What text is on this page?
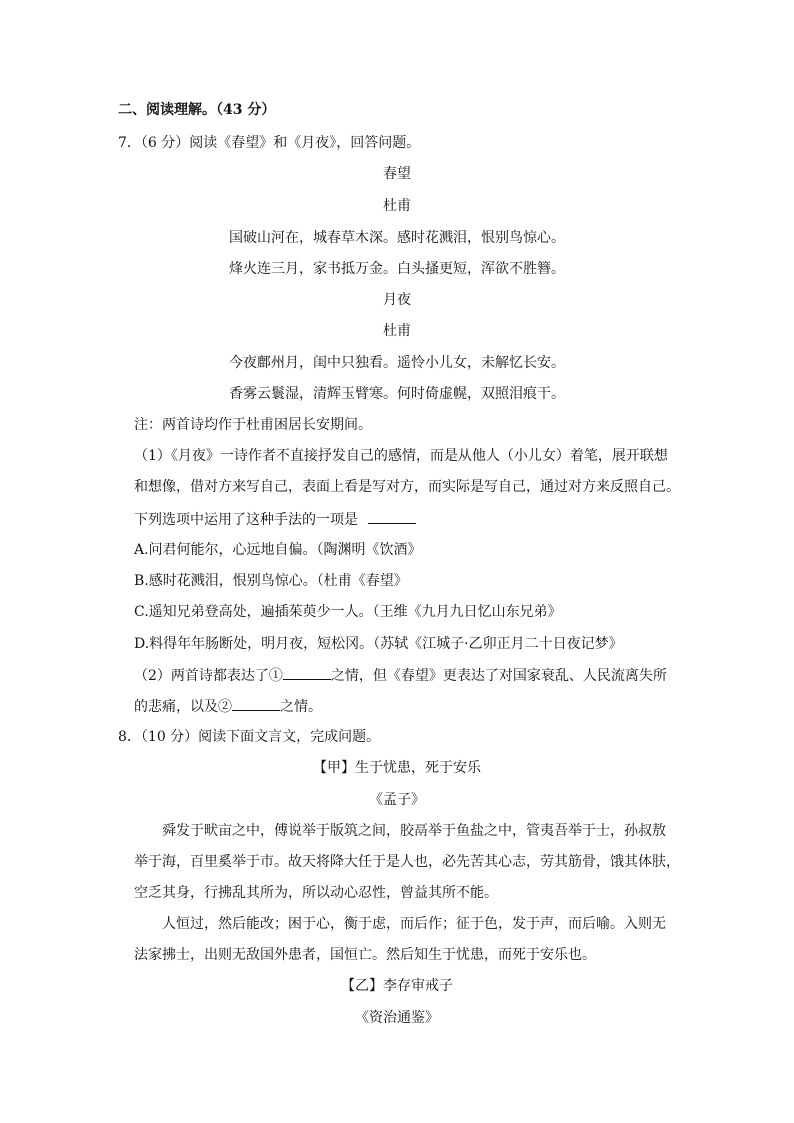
二、阅读理解。（43 分）
7．（6 分）阅读《春望》和《月夜》，回答问题。
春望
杜甫
国破山河在，城春草木深。感时花溅泪，恨别鸟惊心。
烽火连三月，家书抵万金。白头搔更短，浑欲不胜簪。
月夜
杜甫
今夜鄜州月，闺中只独看。遥怜小儿女，未解忆长安。
香雾云鬟湿，清辉玉臂寒。何时倚虚幌，双照泪痕干。
注：两首诗均作于杜甫困居长安期间。
（1）《月夜》一诗作者不直接抒发自己的感情，而是从他人（小儿女）着笔，展开联想
和想像，借对方来写自己，表面上看是写对方，而实际是写自己，通过对方来反照自己。
下列选项中运用了这种手法的一项是
A.问君何能尔，心远地自偏。（陶渊明《饮酒》
B.感时花溅泪，恨别鸟惊心。（杜甫《春望》
C.遥知兄弟登高处，遍插茱萸少一人。（王维《九月九日忆山东兄弟》
D.料得年年肠断处，明月夜，短松冈。（苏轼《江城子·乙卯正月二十日夜记梦》
（2）两首诗都表达了①	之情，但《春望》更表达了对国家衰乱、人民流离失所
的悲痛，以及②	之情。
8．（10 分）阅读下面文言文，完成问题。
【甲】生于忧患，死于安乐
《孟子》
舜发于畎亩之中，傅说举于版筑之间，胶鬲举于鱼盐之中，管夷吾举于士，孙叔敖
举于海，百里奚举于市。故天将降大任于是人也，必先苦其心志，劳其筋骨，饿其体肤，
空乏其身，行拂乱其所为，所以动心忍性，曾益其所不能。
人恒过，然后能改；困于心，衡于虑，而后作；征于色，发于声，而后喻。入则无
法家拂士，出则无敌国外患者，国恒亡。然后知生于忧患，而死于安乐也。
【乙】李存审戒子
《资治通鉴》
